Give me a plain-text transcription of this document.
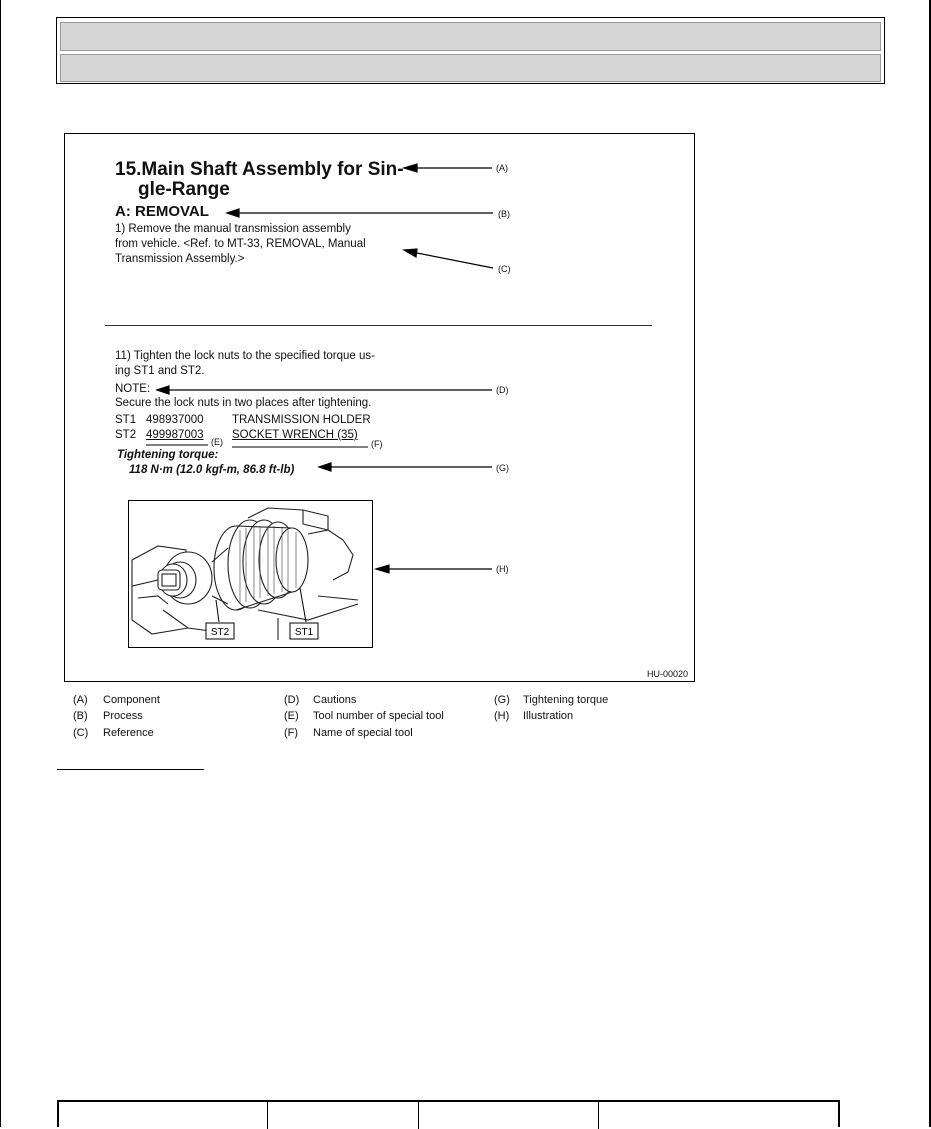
15.Main Shaft Assembly for Sin-
gle-Range
A: REMOVAL
1) Remove the manual transmission assembly
from vehicle. <Ref. to MT-33, REMOVAL, Manual
Transmission Assembly.>
11) Tighten the lock nuts to the specified torque us-
ing ST1 and ST2.
NOTE:
Secure the lock nuts in two places after tightening.
ST1 498937000 TRANSMISSION HOLDER
ST2 499987003 SOCKET WRENCH (35)
Tightening torque:
118 N·m (12.0 kgf-m, 86.8 ft-lb)
(A)
(B)
(C)
(D)
(E)	(F)
(G)
(H)
ST2	ST1
HU-00020
(A) Component
(B) Process
(C) Reference
(D) Cautions
(E) Tool number of special tool
(F) Name of special tool
(G) Tightening torque
(H) Illustration
